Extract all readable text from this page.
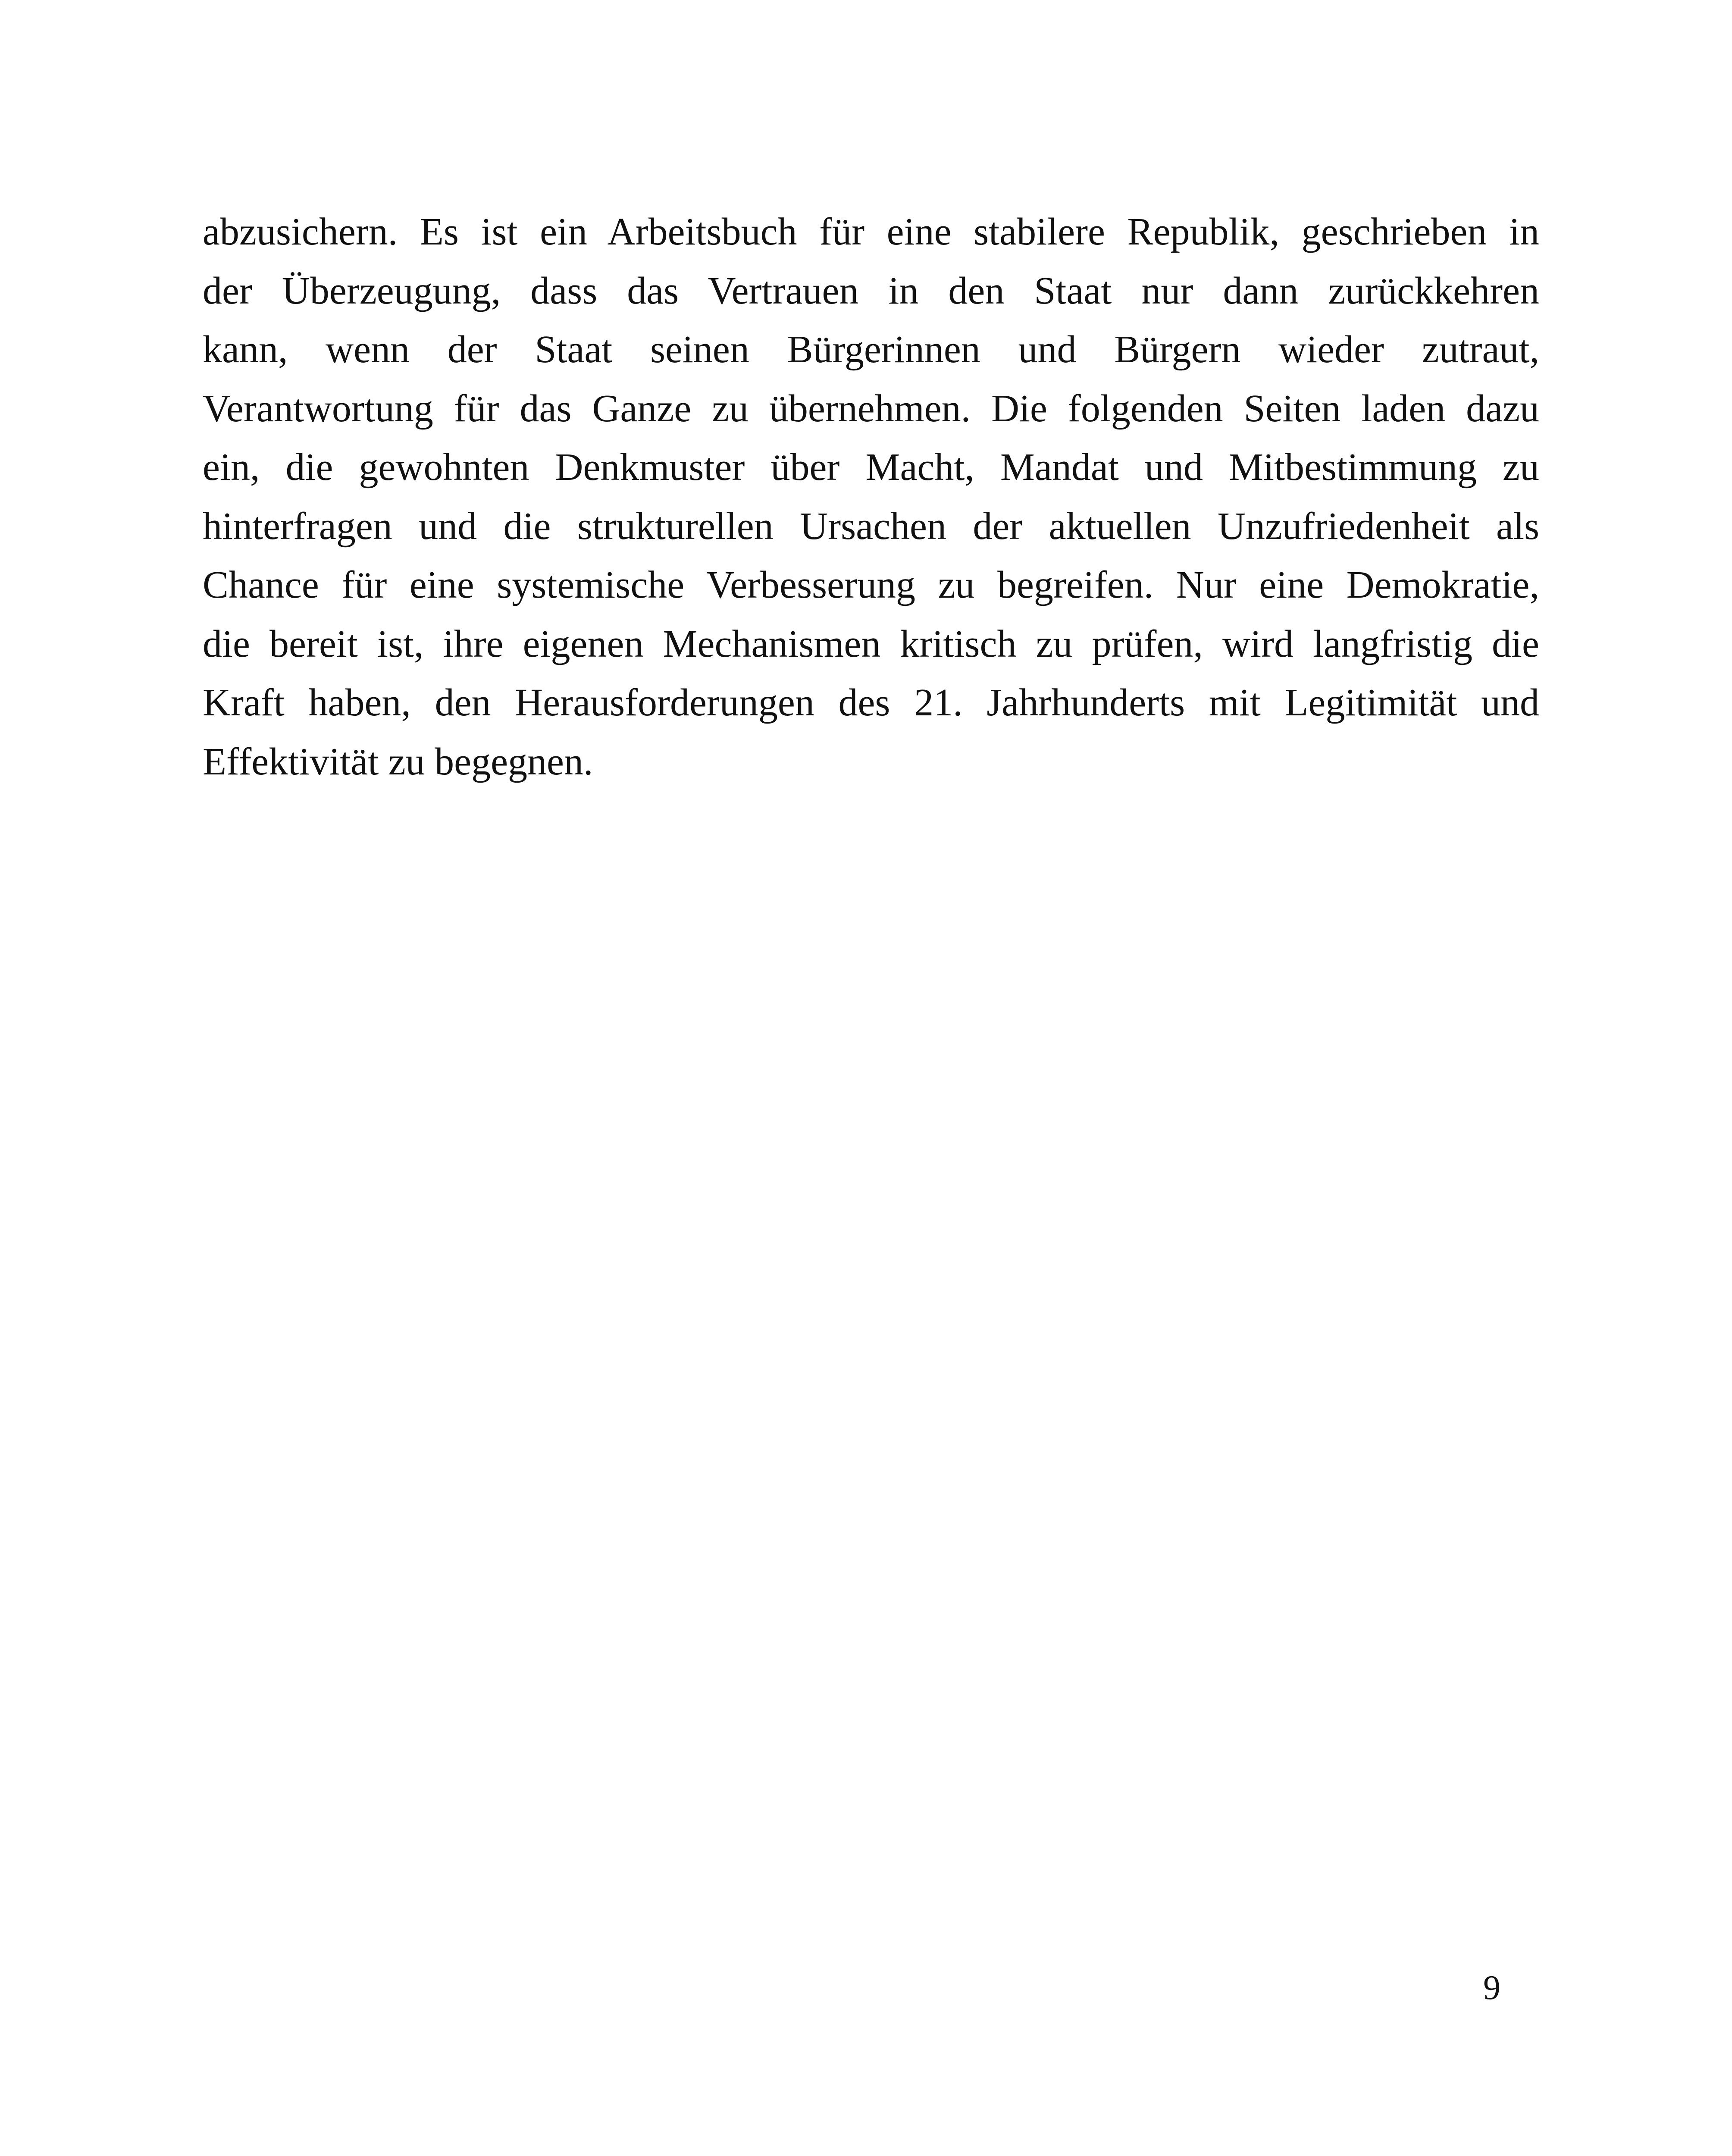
abzusichern. Es ist ein Arbeitsbuch für eine stabilere Republik, geschrieben in
der Überzeugung, dass das Vertrauen in den Staat nur dann zurückkehren
kann, wenn der Staat seinen Bürgerinnen und Bürgern wieder zutraut,
Verantwortung für das Ganze zu übernehmen. Die folgenden Seiten laden dazu
ein, die gewohnten Denkmuster über Macht, Mandat und Mitbestimmung zu
hinterfragen und die strukturellen Ursachen der aktuellen Unzufriedenheit als
Chance für eine systemische Verbesserung zu begreifen. Nur eine Demokratie,
die bereit ist, ihre eigenen Mechanismen kritisch zu prüfen, wird langfristig die
Kraft haben, den Herausforderungen des 21. Jahrhunderts mit Legitimität und
Effektivität zu begegnen.
9
